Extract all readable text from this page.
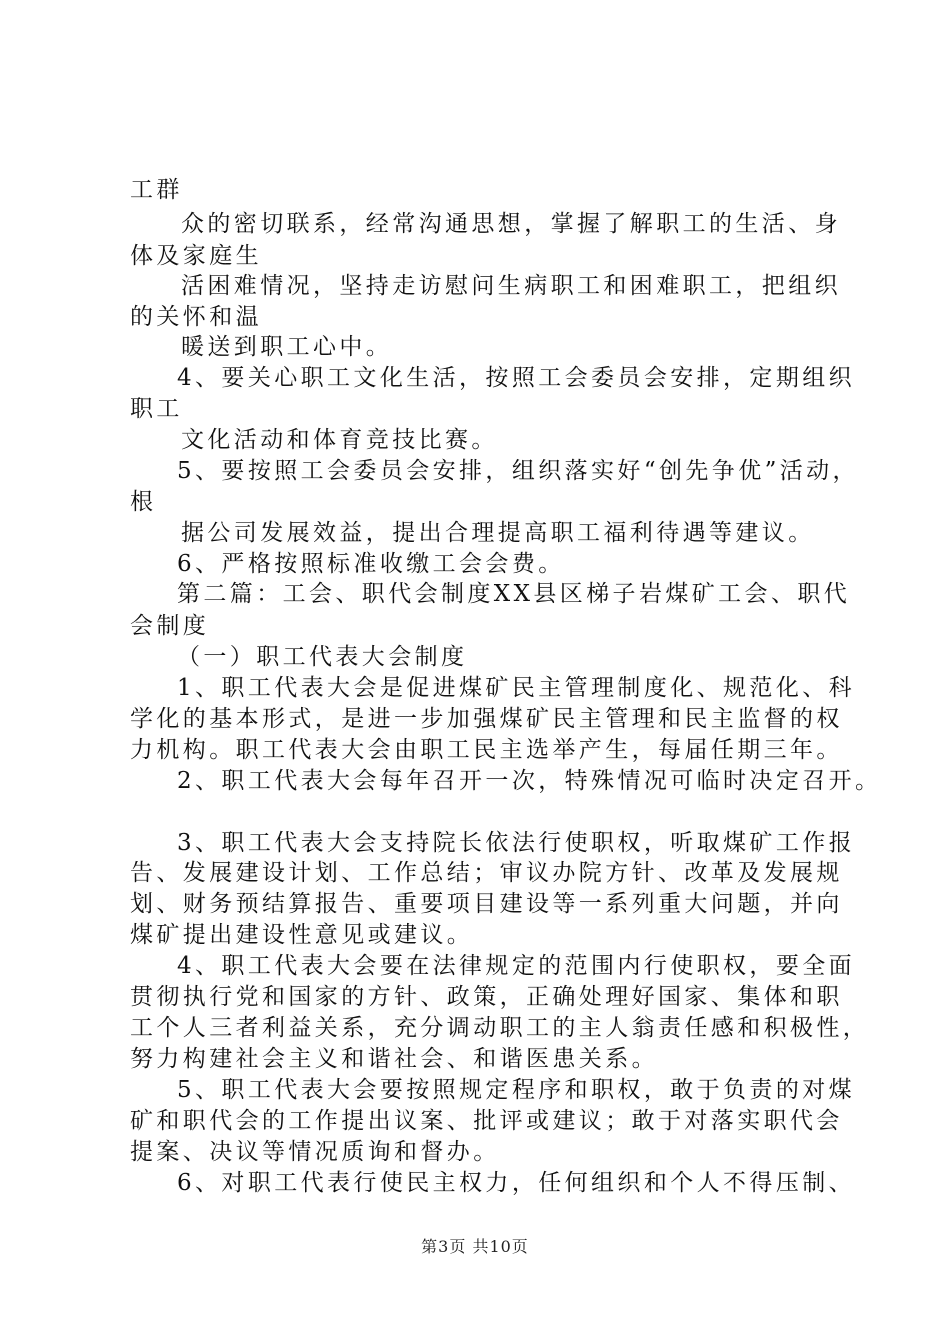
工群
众的密切联系，经常沟通思想，掌握了解职工的生活、身
体及家庭生
活困难情况，坚持走访慰问生病职工和困难职工，把组织
的关怀和温
暖送到职工心中。
4、要关心职工文化生活，按照工会委员会安排，定期组织
职工
文化活动和体育竞技比赛。
5、要按照工会委员会安排，组织落实好“创先争优”活动，
根
据公司发展效益，提出合理提高职工福利待遇等建议。
6、严格按照标准收缴工会会费。
第二篇：工会、职代会制度XX县区梯子岩煤矿工会、职代
会制度
（一）职工代表大会制度
1、职工代表大会是促进煤矿民主管理制度化、规范化、科
学化的基本形式，是进一步加强煤矿民主管理和民主监督的权
力机构。职工代表大会由职工民主选举产生，每届任期三年。
2、职工代表大会每年召开一次，特殊情况可临时决定召开。
3、职工代表大会支持院长依法行使职权，听取煤矿工作报
告、发展建设计划、工作总结；审议办院方针、改革及发展规
划、财务预结算报告、重要项目建设等一系列重大问题，并向
煤矿提出建设性意见或建议。
4、职工代表大会要在法律规定的范围内行使职权，要全面
贯彻执行党和国家的方针、政策，正确处理好国家、集体和职
工个人三者利益关系，充分调动职工的主人翁责任感和积极性，
努力构建社会主义和谐社会、和谐医患关系。
5、职工代表大会要按照规定程序和职权，敢于负责的对煤
矿和职代会的工作提出议案、批评或建议；敢于对落实职代会
提案、决议等情况质询和督办。
6、对职工代表行使民主权力，任何组织和个人不得压制、
第3页 共10页
